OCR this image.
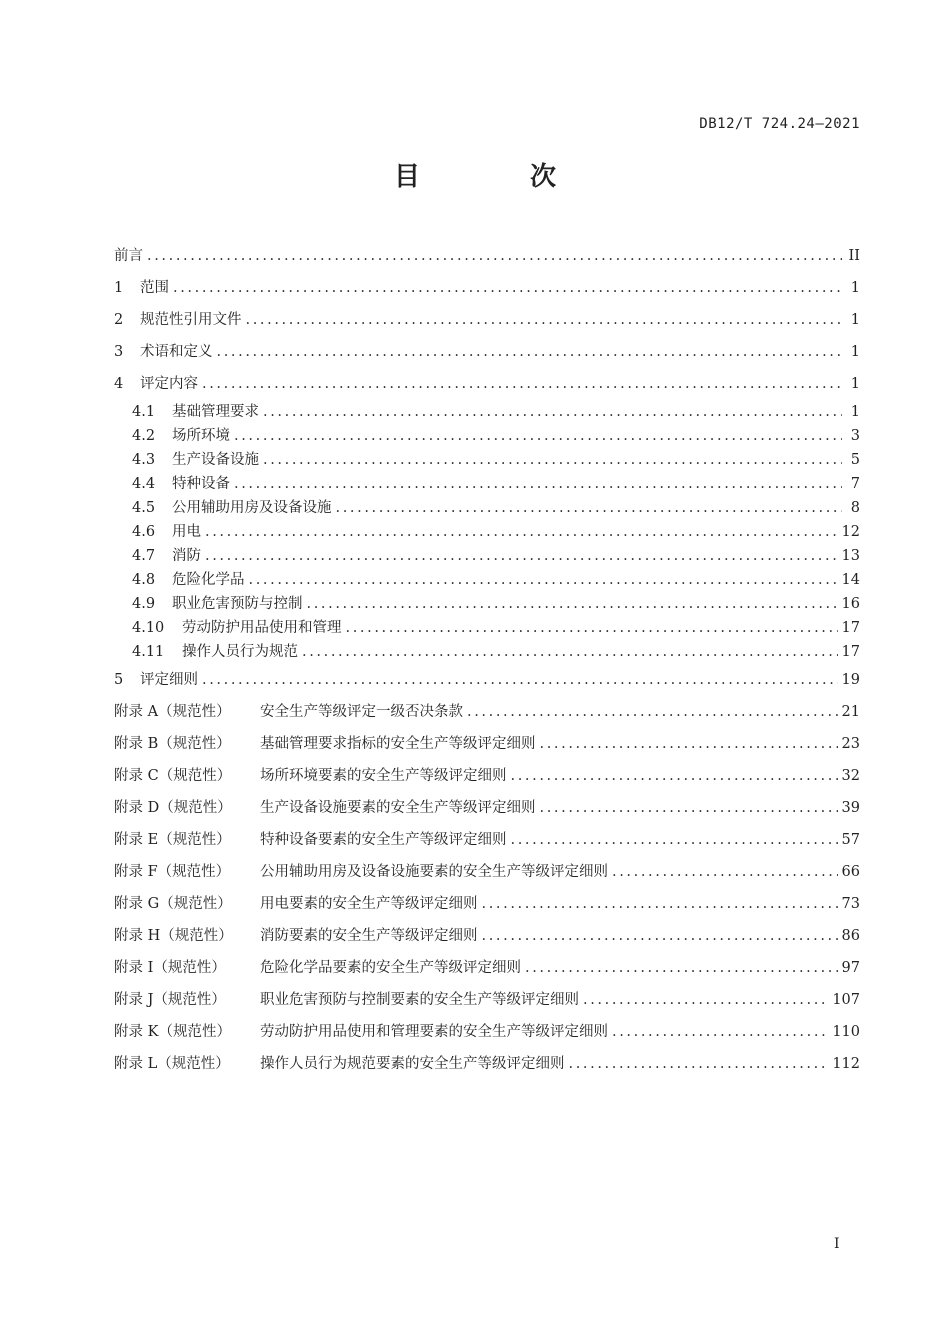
DB12/T 724.24—2021
目　次
前言 .....	II
1	范围 .....	1
2	规范性引用文件 .....	1
3	术语和定义 .....	1
4	评定内容 .....	1
4.1	基础管理要求 .....	1
4.2	场所环境 .....	3
4.3	生产设备设施 .....	5
4.4	特种设备 .....	7
4.5	公用辅助用房及设备设施 .....	8
4.6	用电 .....	12
4.7	消防 .....	13
4.8	危险化学品 .....	14
4.9	职业危害预防与控制 .....	16
4.10	劳动防护用品使用和管理 .....	17
4.11	操作人员行为规范 .....	17
5	评定细则 .....	19
附录 A（规范性）	安全生产等级评定一级否决条款 .....	21
附录 B（规范性）	基础管理要求指标的安全生产等级评定细则 .....	23
附录 C（规范性）	场所环境要素的安全生产等级评定细则 .....	32
附录 D（规范性）	生产设备设施要素的安全生产等级评定细则 .....	39
附录 E（规范性）	特种设备要素的安全生产等级评定细则 .....	57
附录 F（规范性）	公用辅助用房及设备设施要素的安全生产等级评定细则 .....	66
附录 G（规范性）	用电要素的安全生产等级评定细则 .....	73
附录 H（规范性）	消防要素的安全生产等级评定细则 .....	86
附录 I（规范性）	危险化学品要素的安全生产等级评定细则 .....	97
附录 J（规范性）	职业危害预防与控制要素的安全生产等级评定细则 .....	107
附录 K（规范性）	劳动防护用品使用和管理要素的安全生产等级评定细则 .....	110
附录 L（规范性）	操作人员行为规范要素的安全生产等级评定细则 .....	112
I
